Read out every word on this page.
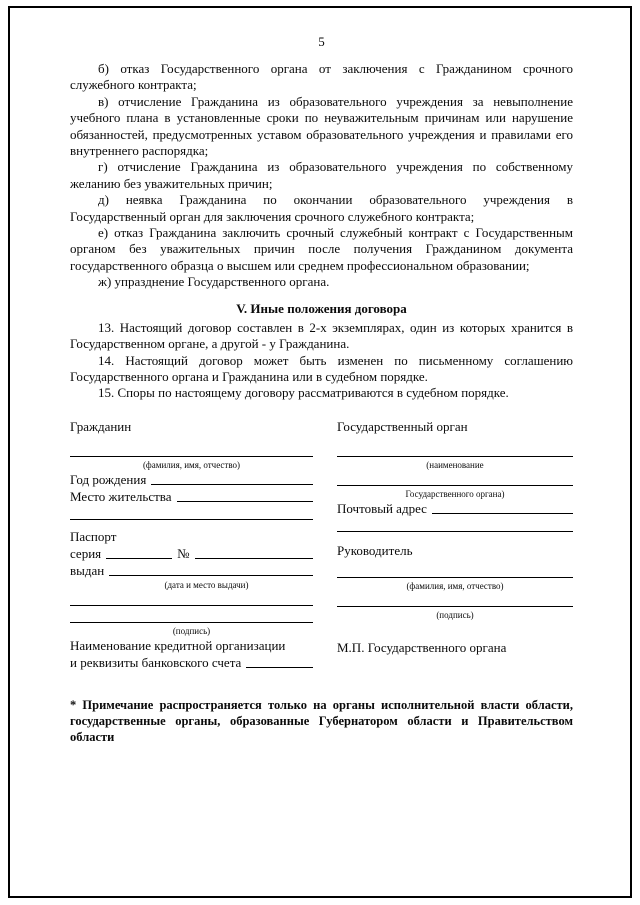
5

б) отказ Государственного органа от заключения с Гражданином срочного служебного контракта;

в) отчисление Гражданина из образовательного учреждения за невыполнение учебного плана в установленные сроки по неуважительным причинам или нарушение обязанностей, предусмотренных уставом образовательного учреждения и правилами его внутреннего распорядка;

г) отчисление Гражданина из образовательного учреждения по собственному желанию без уважительных причин;

д) неявка Гражданина по окончании образовательного учреждения в Государственный орган для заключения срочного служебного контракта;

е) отказ Гражданина заключить срочный служебный контракт с Государственным органом без уважительных причин после получения Гражданином документа государственного образца о высшем или среднем профессиональном образовании;

ж) упразднение Государственного органа.

V. Иные положения договора

13. Настоящий договор составлен в 2-х экземплярах, один из которых хранится в Государственном органе, а другой - у Гражданина.

14. Настоящий договор может быть изменен по письменному соглашению Государственного органа и Гражданина или в судебном порядке.

15. Споры по настоящему договору рассматриваются в судебном порядке.

Гражданин
(фамилия, имя, отчество)
Год рождения
Место жительства
Паспорт
серия	№
выдан
(дата и место выдачи)
(подпись)
Наименование кредитной организации
и реквизиты банковского счета
Государственный орган
(наименование
Государственного органа)
Почтовый адрес
Руководитель
(фамилия, имя, отчество)
(подпись)
М.П. Государственного органа

* Примечание распространяется только на органы исполнительной власти области, государственные органы, образованные Губернатором области и Правительством области
